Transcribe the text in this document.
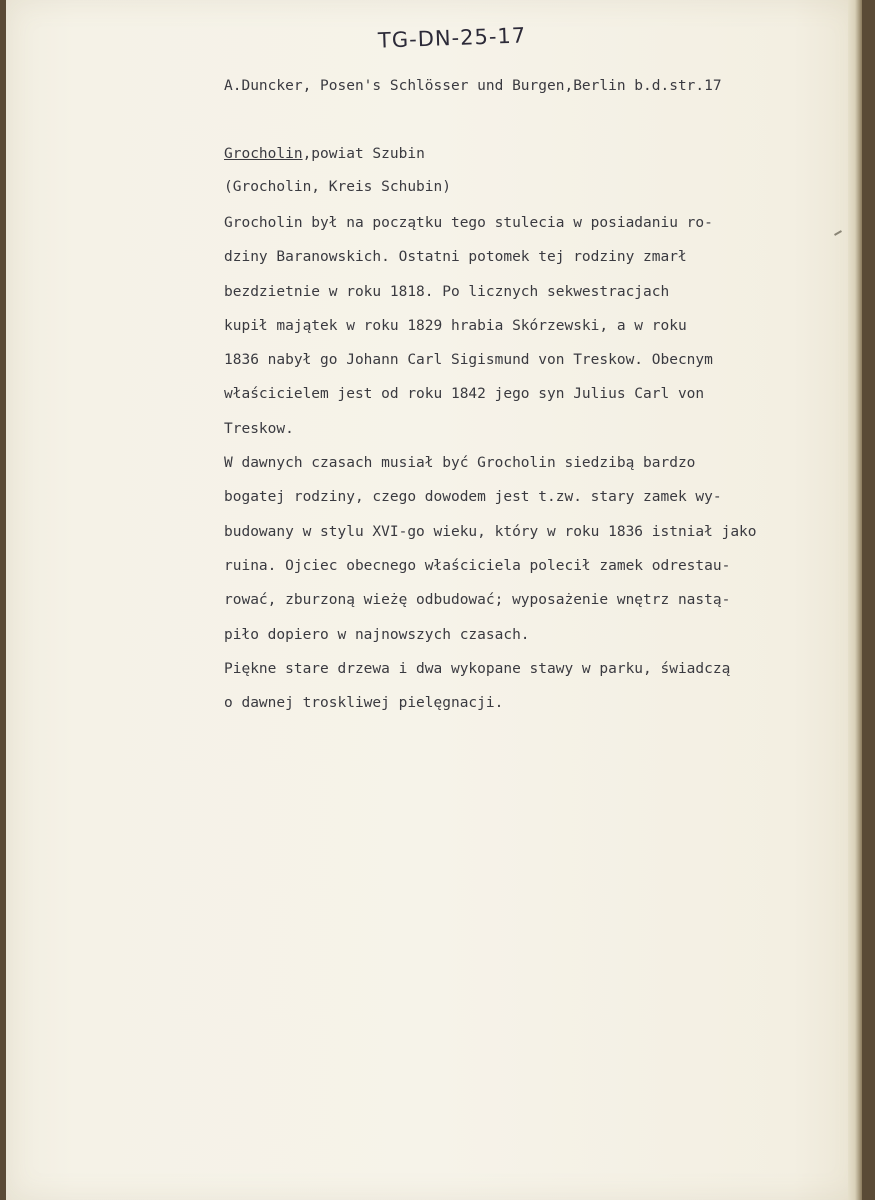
TG-DN-25-17
A.Duncker, Posen's Schlösser und Burgen,Berlin b.d.str.17
Grocholin,powiat Szubin
(Grocholin, Kreis Schubin)
Grocholin był na początku tego stulecia w posiadaniu ro-
dziny Baranowskich. Ostatni potomek tej rodziny zmarł
bezdzietnie w roku 1818. Po licznych sekwestracjach
kupił majątek w roku 1829 hrabia Skórzewski, a w roku
1836 nabył go Johann Carl Sigismund von Treskow. Obecnym
właścicielem jest od roku 1842 jego syn Julius Carl von
Treskow.
W dawnych czasach musiał być Grocholin siedzibą bardzo
bogatej rodziny, czego dowodem jest t.zw. stary zamek wy-
budowany w stylu XVI-go wieku, który w roku 1836 istniał jako
ruina. Ojciec obecnego właściciela polecił zamek odrestau-
rować, zburzoną wieżę odbudować; wyposażenie wnętrz nastą-
piło dopiero w najnowszych czasach.
Piękne stare drzewa i dwa wykopane stawy w parku, świadczą
o dawnej troskliwej pielęgnacji.
